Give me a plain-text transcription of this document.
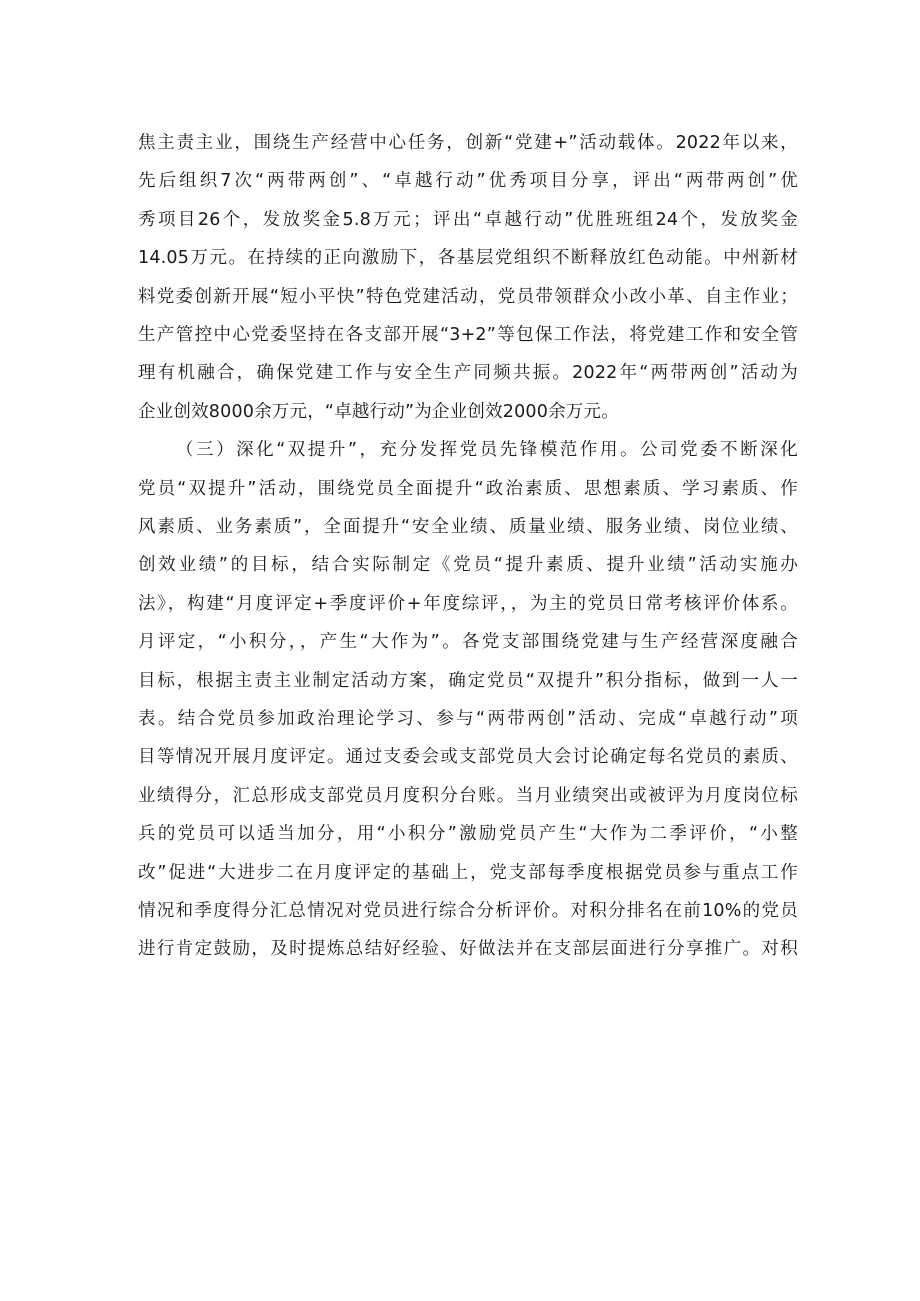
焦主责主业，围绕生产经营中心任务，创新“党建+”活动载体。2022年以来，
先后组织7次“两带两创”、“卓越行动”优秀项目分享，评出“两带两创”优
秀项目26个，发放奖金5.8万元；评出“卓越行动”优胜班组24个，发放奖金
14.05万元。在持续的正向激励下，各基层党组织不断释放红色动能。中州新材
料党委创新开展“短小平快”特色党建活动，党员带领群众小改小革、自主作业；
生产管控中心党委坚持在各支部开展“3+2”等包保工作法，将党建工作和安全管
理有机融合，确保党建工作与安全生产同频共振。2022年“两带两创”活动为
企业创效8000余万元，“卓越行动”为企业创效2000余万元。
（三）深化“双提升”，充分发挥党员先锋模范作用。公司党委不断深化
党员“双提升”活动，围绕党员全面提升“政治素质、思想素质、学习素质、作
风素质、业务素质”，全面提升“安全业绩、质量业绩、服务业绩、岗位业绩、
创效业绩”的目标，结合实际制定《党员“提升素质、提升业绩”活动实施办
法》，构建“月度评定+季度评价+年度综评，，为主的党员日常考核评价体系。
月评定，“小积分，，产生“大作为”。各党支部围绕党建与生产经营深度融合
目标，根据主责主业制定活动方案，确定党员“双提升”积分指标，做到一人一
表。结合党员参加政治理论学习、参与“两带两创”活动、完成“卓越行动”项
目等情况开展月度评定。通过支委会或支部党员大会讨论确定每名党员的素质、
业绩得分，汇总形成支部党员月度积分台账。当月业绩突出或被评为月度岗位标
兵的党员可以适当加分，用“小积分”激励党员产生“大作为二季评价，“小整
改”促进“大进步二在月度评定的基础上，党支部每季度根据党员参与重点工作
情况和季度得分汇总情况对党员进行综合分析评价。对积分排名在前10%的党员
进行肯定鼓励，及时提炼总结好经验、好做法并在支部层面进行分享推广。对积
